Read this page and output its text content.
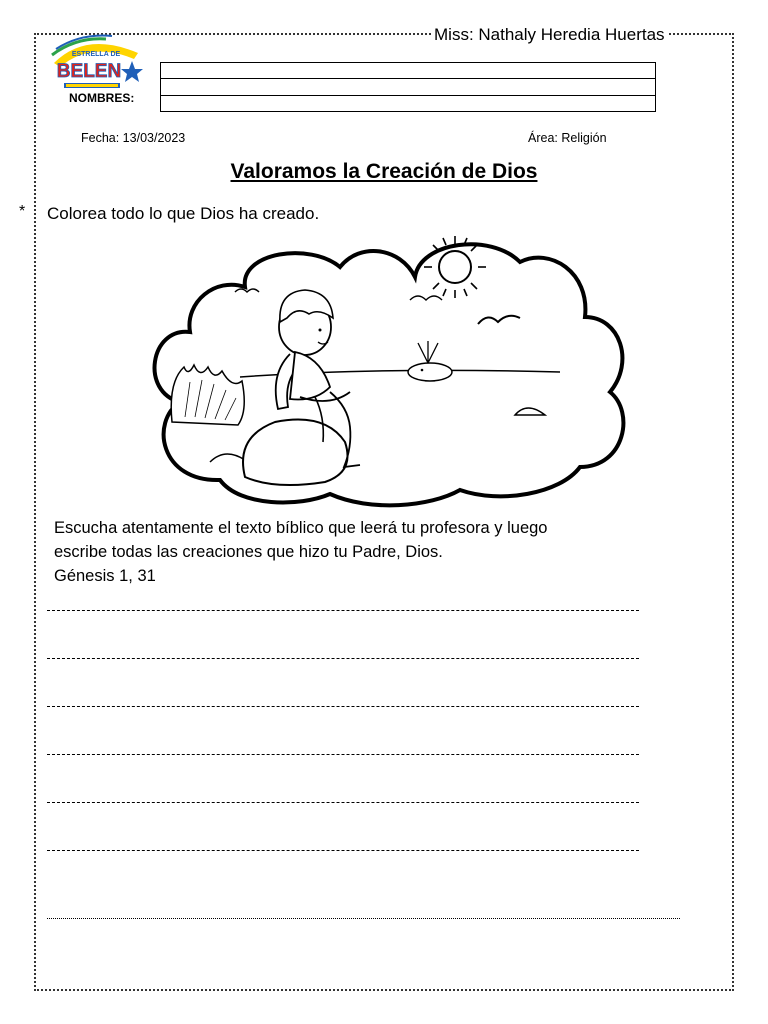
Miss: Nathaly Heredia Huertas
ESTRELLA DE
BELEN
NOMBRES:
Fecha: 13/03/2023	Área: Religión
Valoramos la Creación de Dios
* Colorea todo lo que Dios ha creado.
Escucha atentamente el texto bíblico que leerá tu profesora y luego
escribe todas las creaciones que hizo tu Padre, Dios.
Génesis 1, 31
